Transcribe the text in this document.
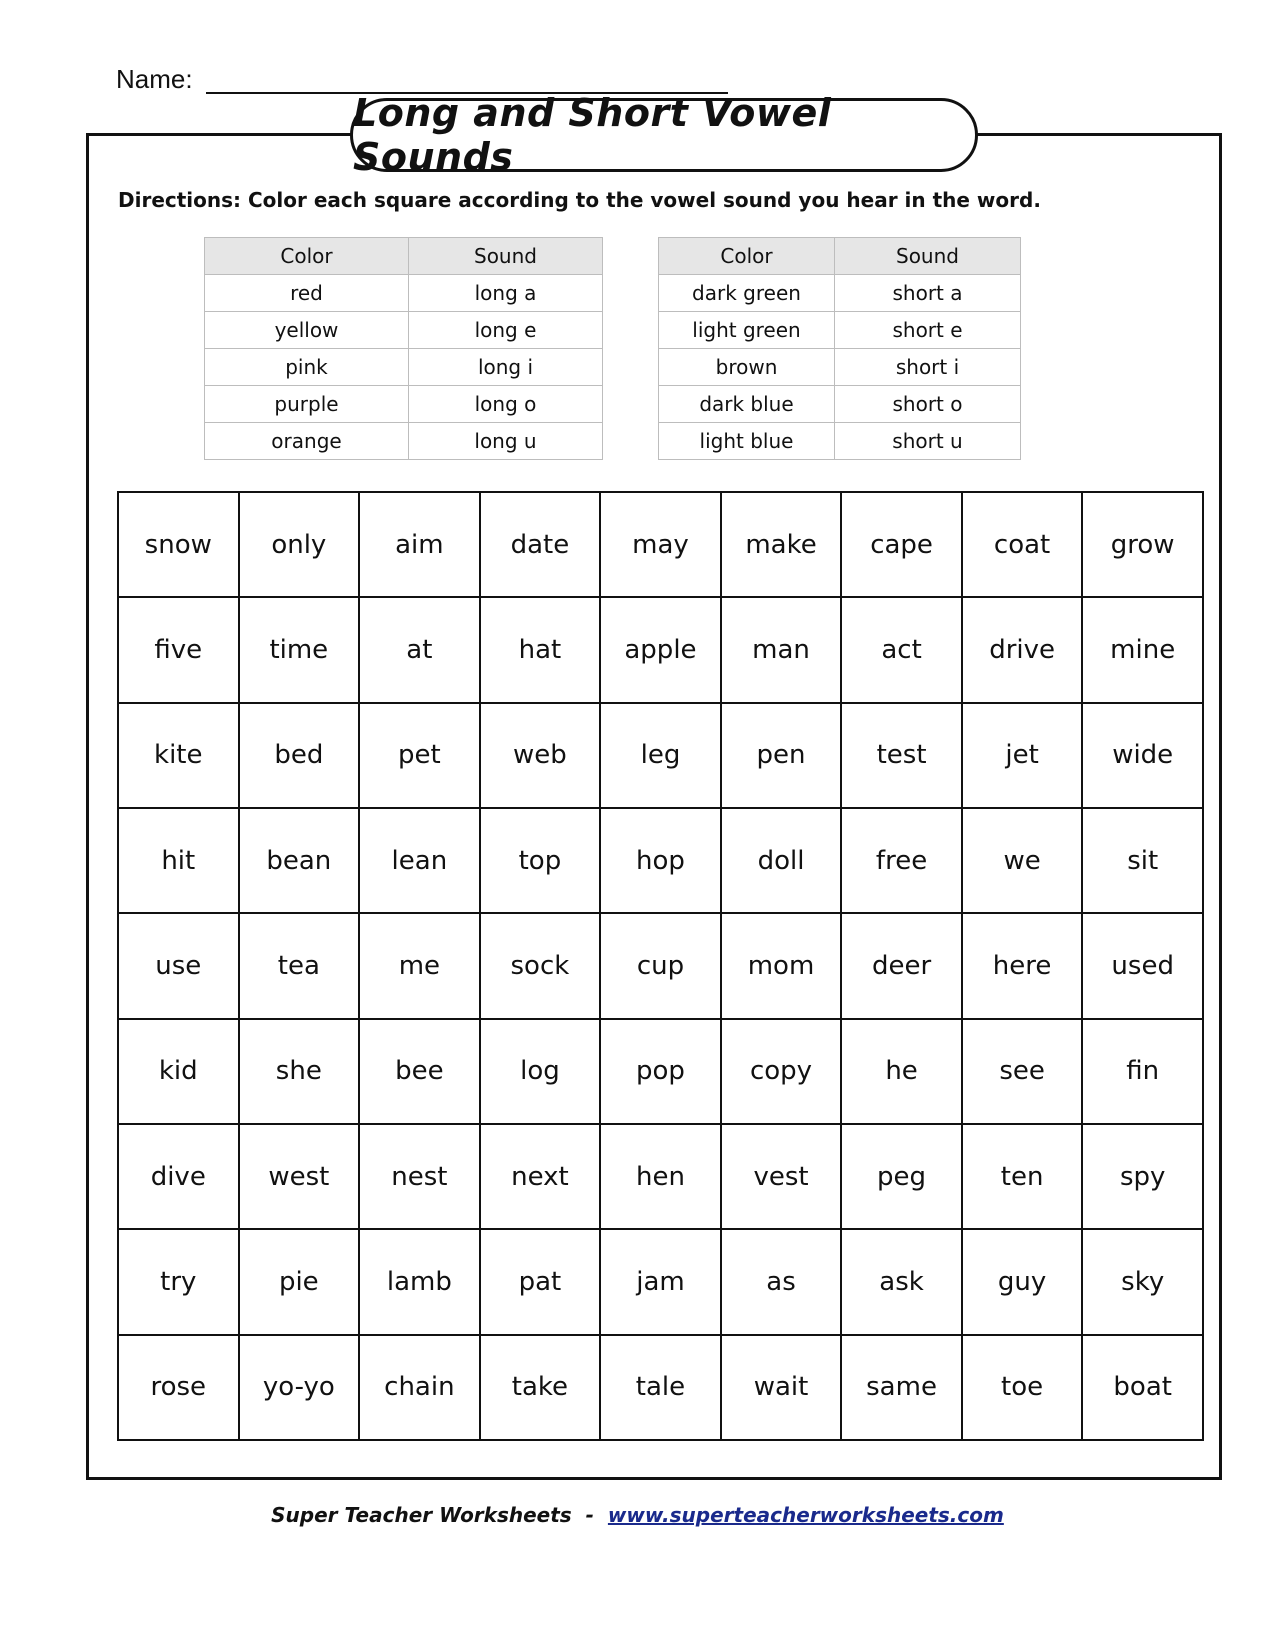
Name:
Long and Short Vowel Sounds
Directions: Color each square according to the vowel sound you hear in the word.
Color	Sound
red	long a
yellow	long e
pink	long i
purple	long o
orange	long u
Color	Sound
dark green	short a
light green	short e
brown	short i
dark blue	short o
light blue	short u
snow	only	aim	date	may	make	cape	coat	grow
five	time	at	hat	apple	man	act	drive	mine
kite	bed	pet	web	leg	pen	test	jet	wide
hit	bean	lean	top	hop	doll	free	we	sit
use	tea	me	sock	cup	mom	deer	here	used
kid	she	bee	log	pop	copy	he	see	fin
dive	west	nest	next	hen	vest	peg	ten	spy
try	pie	lamb	pat	jam	as	ask	guy	sky
rose	yo-yo	chain	take	tale	wait	same	toe	boat
Super Teacher Worksheets - www.superteacherworksheets.com
